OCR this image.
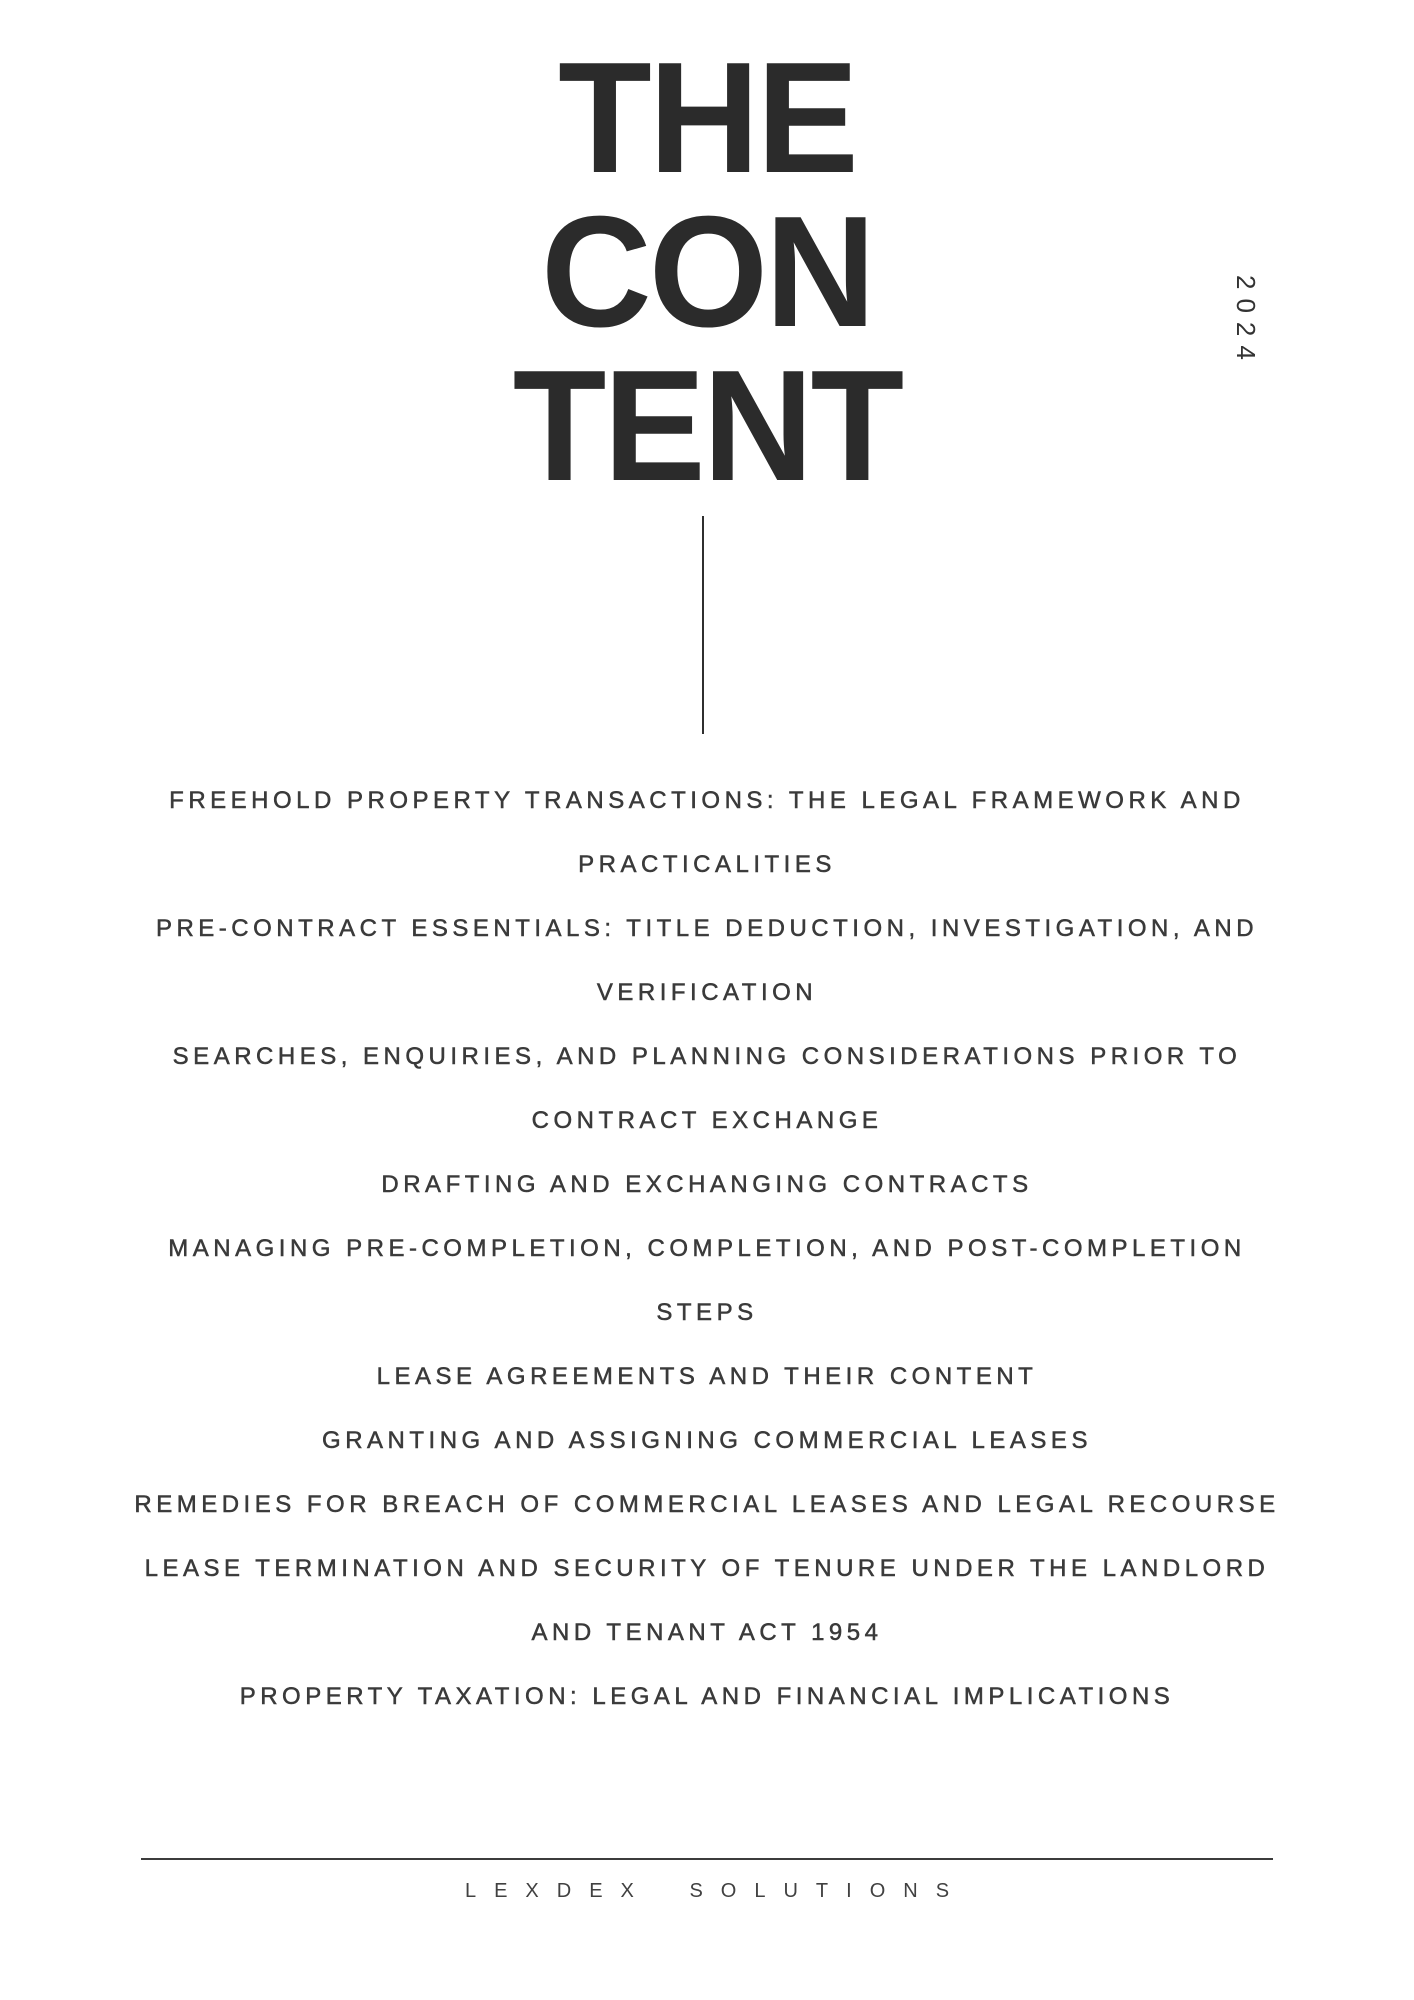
THE
CON
TENT
2024
FREEHOLD PROPERTY TRANSACTIONS: THE LEGAL FRAMEWORK AND
PRACTICALITIES
PRE-CONTRACT ESSENTIALS: TITLE DEDUCTION, INVESTIGATION, AND
VERIFICATION
SEARCHES, ENQUIRIES, AND PLANNING CONSIDERATIONS PRIOR TO
CONTRACT EXCHANGE
DRAFTING AND EXCHANGING CONTRACTS
MANAGING PRE-COMPLETION, COMPLETION, AND POST-COMPLETION
STEPS
LEASE AGREEMENTS AND THEIR CONTENT
GRANTING AND ASSIGNING COMMERCIAL LEASES
REMEDIES FOR BREACH OF COMMERCIAL LEASES AND LEGAL RECOURSE
LEASE TERMINATION AND SECURITY OF TENURE UNDER THE LANDLORD
AND TENANT ACT 1954
PROPERTY TAXATION: LEGAL AND FINANCIAL IMPLICATIONS
LEXDEX SOLUTIONS
